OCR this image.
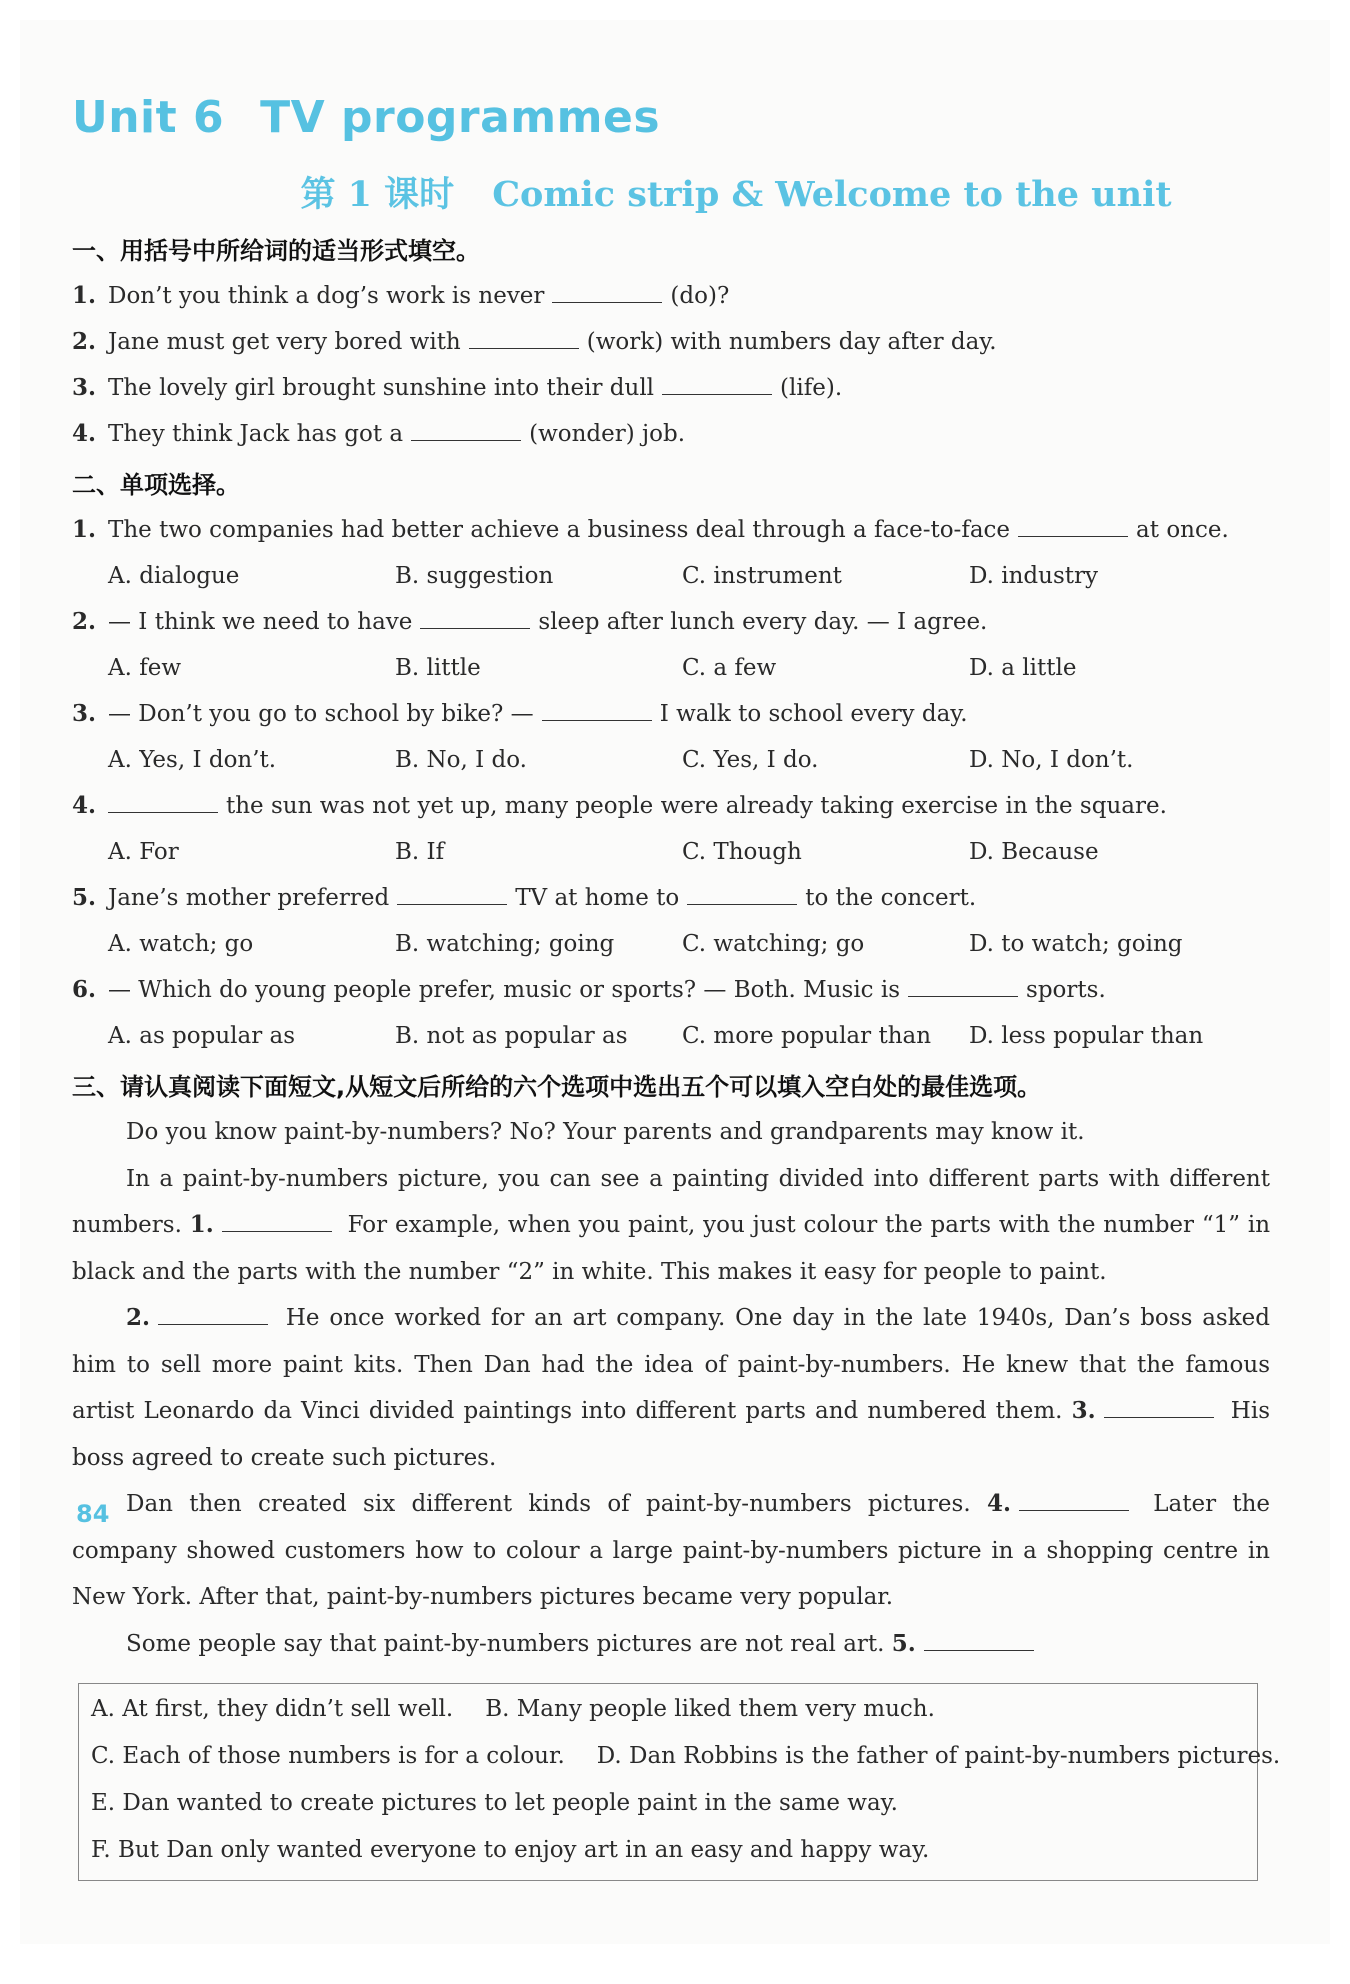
Unit 6 TV programmes
第 1 课时 Comic strip & Welcome to the unit
一、用括号中所给词的适当形式填空。
1. Don’t you think a dog’s work is never	(do)?
2. Jane must get very bored with	(work) with numbers day after day.
3. The lovely girl brought sunshine into their dull	(life).
4. They think Jack has got a	(wonder) job.
二、单项选择。
1. The two companies had better achieve a business deal through a face-to-face	at once.
A. dialogue	B. suggestion	C. instrument	D. industry
2. — I think we need to have	sleep after lunch every day. — I agree.
A. few	B. little	C. a few	D. a little
3. — Don’t you go to school by bike? —	I walk to school every day.
A. Yes, I don’t.	B. No, I do.	C. Yes, I do.	D. No, I don’t.
4.	the sun was not yet up, many people were already taking exercise in the square.
A. For	B. If	C. Though	D. Because
5. Jane’s mother preferred	TV at home to	to the concert.
A. watch; go	B. watching; going	C. watching; go	D. to watch; going
6. — Which do young people prefer, music or sports? — Both. Music is	sports.
A. as popular as	B. not as popular as	C. more popular than	D. less popular than
三、请认真阅读下面短文,从短文后所给的六个选项中选出五个可以填入空白处的最佳选项。

Do you know paint-by-numbers? No? Your parents and grandparents may know it.

In a paint-by-numbers picture, you can see a painting divided into different parts with different numbers. 1.	For example, when you paint, you just colour the parts with the number “1” in black and the parts with the number “2” in white. This makes it easy for people to paint.

2.	He once worked for an art company. One day in the late 1940s, Dan’s boss asked him to sell more paint kits. Then Dan had the idea of paint-by-numbers. He knew that the famous artist Leonardo da Vinci divided paintings into different parts and numbered them. 3.	His boss agreed to create such pictures.

Dan then created six different kinds of paint-by-numbers pictures. 4.	Later the company showed customers how to colour a large paint-by-numbers picture in a shopping centre in New York. After that, paint-by-numbers pictures became very popular.

Some people say that paint-by-numbers pictures are not real art. 5.

A. At first, they didn’t sell well. B. Many people liked them very much.
C. Each of those numbers is for a colour. D. Dan Robbins is the father of paint-by-numbers pictures.
E. Dan wanted to create pictures to let people paint in the same way.
F. But Dan only wanted everyone to enjoy art in an easy and happy way.
84
